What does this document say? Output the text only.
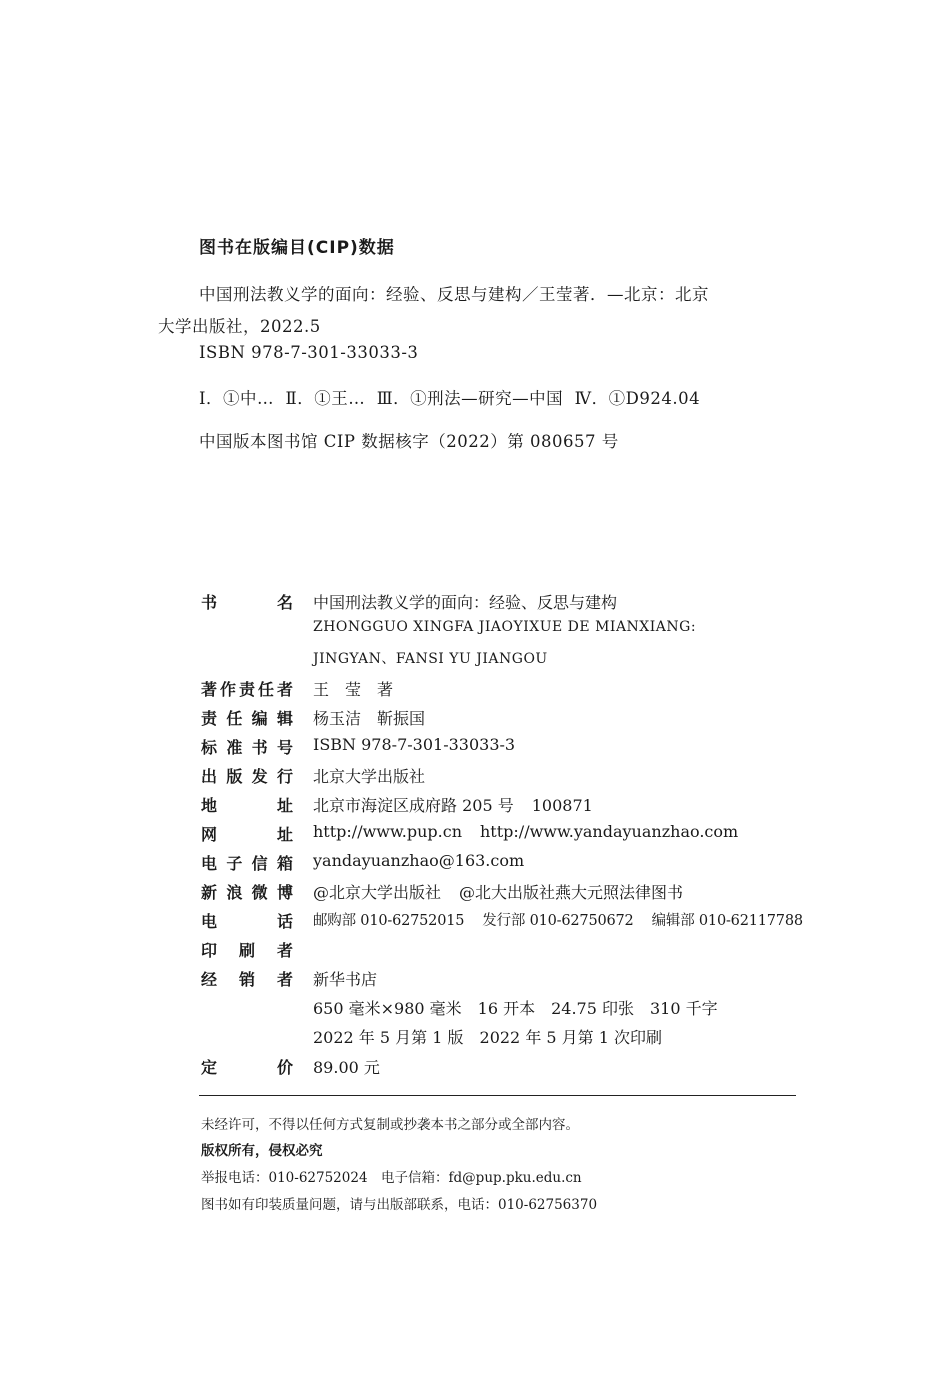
图书在版编目(CIP)数据
中国刑法教义学的面向：经验、反思与建构／王莹著．—北京：北京
大学出版社，2022.5
ISBN 978-7-301-33033-3
Ⅰ．①中…  Ⅱ．①王…  Ⅲ．①刑法—研究—中国  Ⅳ．①D924.04
中国版本图书馆 CIP 数据核字（2022）第 080657 号
书　　名 中国刑法教义学的面向：经验、反思与建构
ZHONGGUO XINGFA JIAOYIXUE DE MIANXIANG:
JINGYAN、FANSI YU JIANGOU
著作责任者 王　莹　著
责任编辑 杨玉洁　靳振国
标准书号 ISBN 978-7-301-33033-3
出版发行 北京大学出版社
地　　址 北京市海淀区成府路 205 号 100871
网　　址 http://www.pup.cn http://www.yandayuanzhao.com
电子信箱 yandayuanzhao@163.com
新浪微博 @北京大学出版社 @北大出版社燕大元照法律图书
电　　话 邮购部 010-62752015 发行部 010-62750672 编辑部 010-62117788
印刷者
经销者 新华书店
650 毫米×980 毫米　16 开本　24.75 印张　310 千字
2022 年 5 月第 1 版　2022 年 5 月第 1 次印刷
定　　价 89.00 元
未经许可，不得以任何方式复制或抄袭本书之部分或全部内容。
版权所有，侵权必究
举报电话：010-62752024　电子信箱：fd@pup.pku.edu.cn
图书如有印装质量问题，请与出版部联系，电话：010-62756370
